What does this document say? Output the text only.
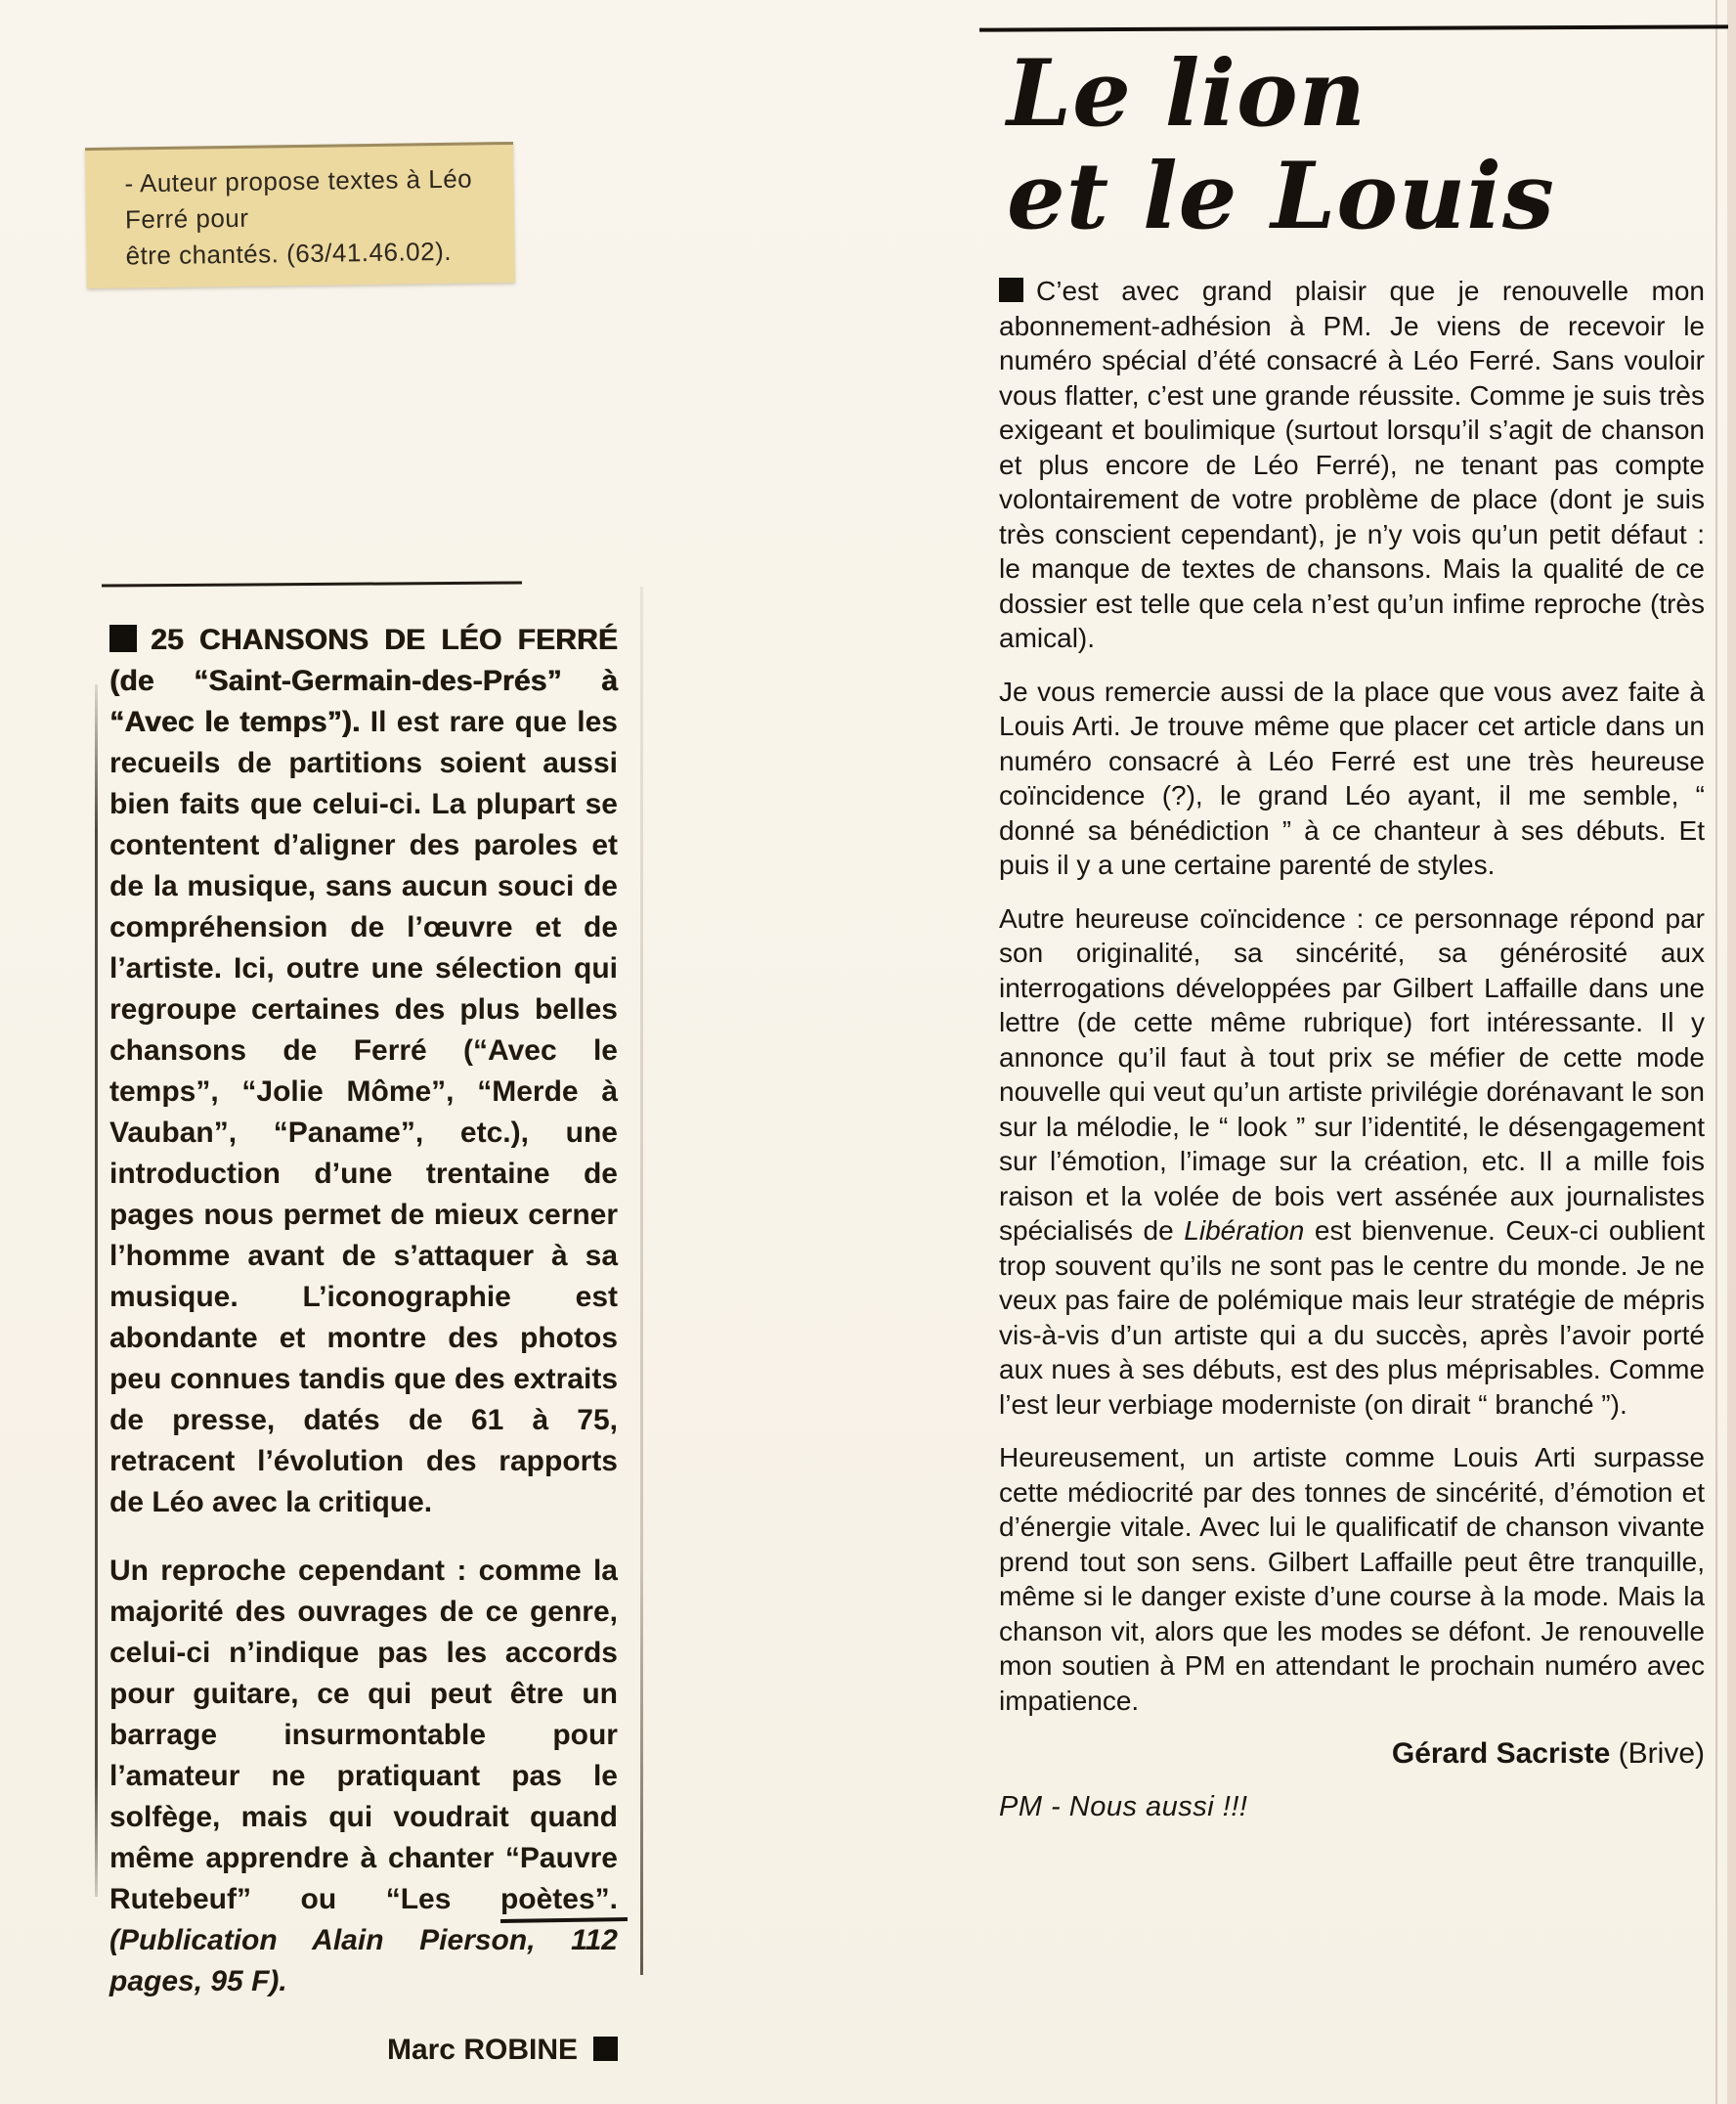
- Auteur propose textes à Léo Ferré pour
être chantés. (63/41.46.02).

25 CHANSONS DE LÉO FERRÉ (de “Saint-Germain-des-Prés” à “Avec le temps”). Il est rare que les recueils de partitions soient aussi bien faits que celui-ci. La plupart se contentent d’aligner des paroles et de la musique, sans aucun souci de compréhension de l’œuvre et de l’artiste. Ici, outre une sélection qui regroupe certaines des plus belles chansons de Ferré (“Avec le temps”, “Jolie Môme”, “Merde à Vauban”, “Paname”, etc.), une introduction d’une trentaine de pages nous permet de mieux cerner l’homme avant de s’attaquer à sa musique. L’iconographie est abondante et montre des photos peu connues tandis que des extraits de presse, datés de 61 à 75, retracent l’évolution des rapports de Léo avec la critique.

Un reproche cependant : comme la majorité des ouvrages de ce genre, celui-ci n’indique pas les accords pour guitare, ce qui peut être un barrage insurmontable pour l’amateur ne pratiquant pas le solfège, mais qui voudrait quand même apprendre à chanter “Pauvre Rutebeuf” ou “Les poètes”. (Publication Alain Pierson, 112 pages, 95 F).

Marc ROBINE

Le lion
et le Louis

C’est avec grand plaisir que je renouvelle mon abonnement-adhésion à PM. Je viens de recevoir le numéro spécial d’été consacré à Léo Ferré. Sans vouloir vous flatter, c’est une grande réussite. Comme je suis très exigeant et boulimique (surtout lorsqu’il s’agit de chanson et plus encore de Léo Ferré), ne tenant pas compte volontairement de votre problème de place (dont je suis très conscient cependant), je n’y vois qu’un petit défaut : le manque de textes de chansons. Mais la qualité de ce dossier est telle que cela n’est qu’un infime reproche (très amical).

Je vous remercie aussi de la place que vous avez faite à Louis Arti. Je trouve même que placer cet article dans un numéro consacré à Léo Ferré est une très heureuse coïncidence (?), le grand Léo ayant, il me semble, “ donné sa bénédiction ” à ce chanteur à ses débuts. Et puis il y a une certaine parenté de styles.

Autre heureuse coïncidence : ce personnage répond par son originalité, sa sincérité, sa générosité aux interrogations développées par Gilbert Laffaille dans une lettre (de cette même rubrique) fort intéressante. Il y annonce qu’il faut à tout prix se méfier de cette mode nouvelle qui veut qu’un artiste privilégie dorénavant le son sur la mélodie, le “ look ” sur l’identité, le désengagement sur l’émotion, l’image sur la création, etc. Il a mille fois raison et la volée de bois vert assénée aux journalistes spécialisés de Libération est bienvenue. Ceux-ci oublient trop souvent qu’ils ne sont pas le centre du monde. Je ne veux pas faire de polémique mais leur stratégie de mépris vis-à-vis d’un artiste qui a du succès, après l’avoir porté aux nues à ses débuts, est des plus méprisables. Comme l’est leur verbiage moderniste (on dirait “ branché ”).

Heureusement, un artiste comme Louis Arti surpasse cette médiocrité par des tonnes de sincérité, d’émotion et d’énergie vitale. Avec lui le qualificatif de chanson vivante prend tout son sens. Gilbert Laffaille peut être tranquille, même si le danger existe d’une course à la mode. Mais la chanson vit, alors que les modes se défont. Je renouvelle mon soutien à PM en attendant le prochain numéro avec impatience.

Gérard Sacriste (Brive)

PM - Nous aussi !!!
